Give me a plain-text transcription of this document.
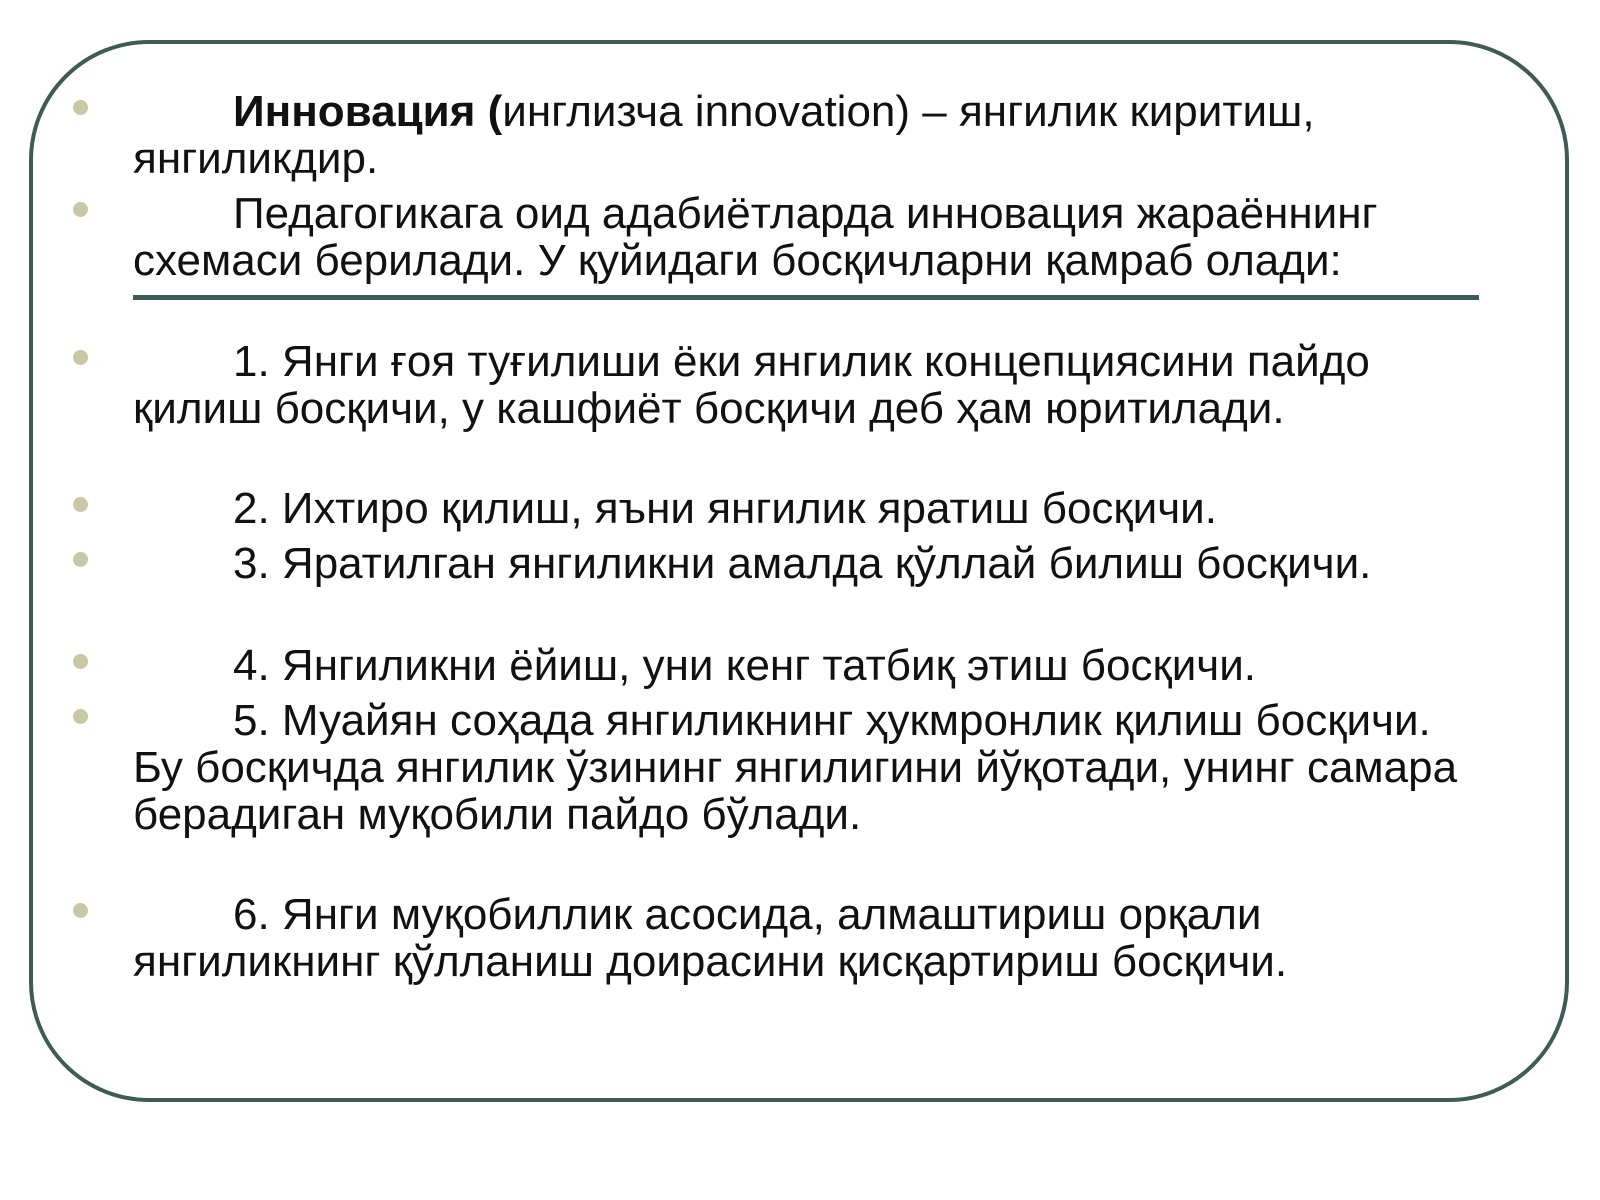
Инновация (инглизча innovation) – янгилик киритиш, янгиликдир.
Педагогикага оид адабиётларда инновация жараённинг схемаси берилади. У қуйидаги босқичларни қамраб олади:
1. Янги ғоя туғилиши ёки янгилик концепциясини пайдо қилиш босқичи, у кашфиёт босқичи деб ҳам юритилади.
2. Ихтиро қилиш, яъни янгилик яратиш босқичи.
3. Яратилган янгиликни амалда қўллай билиш босқичи.
4. Янгиликни ёйиш, уни кенг татбиқ этиш босқичи.
5. Муайян соҳада янгиликнинг ҳукмронлик қилиш босқичи. Бу босқичда янгилик ўзининг янгилигини йўқотади, унинг самара берадиган муқобили пайдо бўлади.
6. Янги муқобиллик асосида, алмаштириш орқали янгиликнинг қўлланиш доирасини қисқартириш босқичи.
